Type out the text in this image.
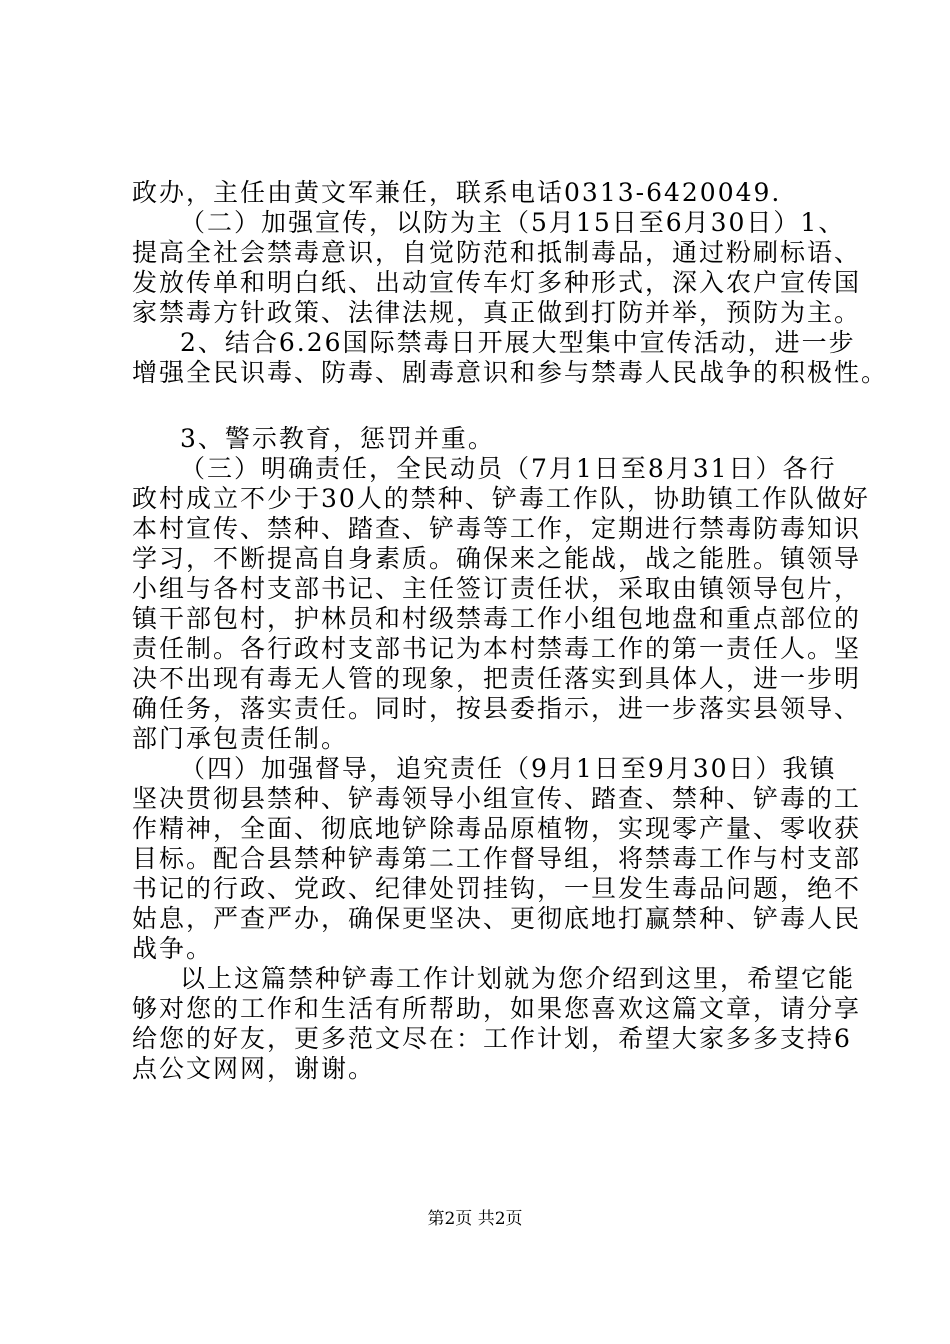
政办，主任由黄文军兼任，联系电话0313-6420049.
（二）加强宣传，以防为主（5月15日至6月30日）1、
提高全社会禁毒意识，自觉防范和抵制毒品，通过粉刷标语、
发放传单和明白纸、出动宣传车灯多种形式，深入农户宣传国
家禁毒方针政策、法律法规，真正做到打防并举，预防为主。
2、结合6.26国际禁毒日开展大型集中宣传活动，进一步
增强全民识毒、防毒、剧毒意识和参与禁毒人民战争的积极性。
3、警示教育，惩罚并重。
（三）明确责任，全民动员（7月1日至8月31日）各行
政村成立不少于30人的禁种、铲毒工作队，协助镇工作队做好
本村宣传、禁种、踏查、铲毒等工作，定期进行禁毒防毒知识
学习，不断提高自身素质。确保来之能战，战之能胜。镇领导
小组与各村支部书记、主任签订责任状，采取由镇领导包片，
镇干部包村，护林员和村级禁毒工作小组包地盘和重点部位的
责任制。各行政村支部书记为本村禁毒工作的第一责任人。坚
决不出现有毒无人管的现象，把责任落实到具体人，进一步明
确任务，落实责任。同时，按县委指示，进一步落实县领导、
部门承包责任制。
（四）加强督导，追究责任（9月1日至9月30日）我镇
坚决贯彻县禁种、铲毒领导小组宣传、踏查、禁种、铲毒的工
作精神，全面、彻底地铲除毒品原植物，实现零产量、零收获
目标。配合县禁种铲毒第二工作督导组，将禁毒工作与村支部
书记的行政、党政、纪律处罚挂钩，一旦发生毒品问题，绝不
姑息，严查严办，确保更坚决、更彻底地打赢禁种、铲毒人民
战争。
以上这篇禁种铲毒工作计划就为您介绍到这里，希望它能
够对您的工作和生活有所帮助，如果您喜欢这篇文章，请分享
给您的好友，更多范文尽在：工作计划，希望大家多多支持6
点公文网网，谢谢。
第2页 共2页
